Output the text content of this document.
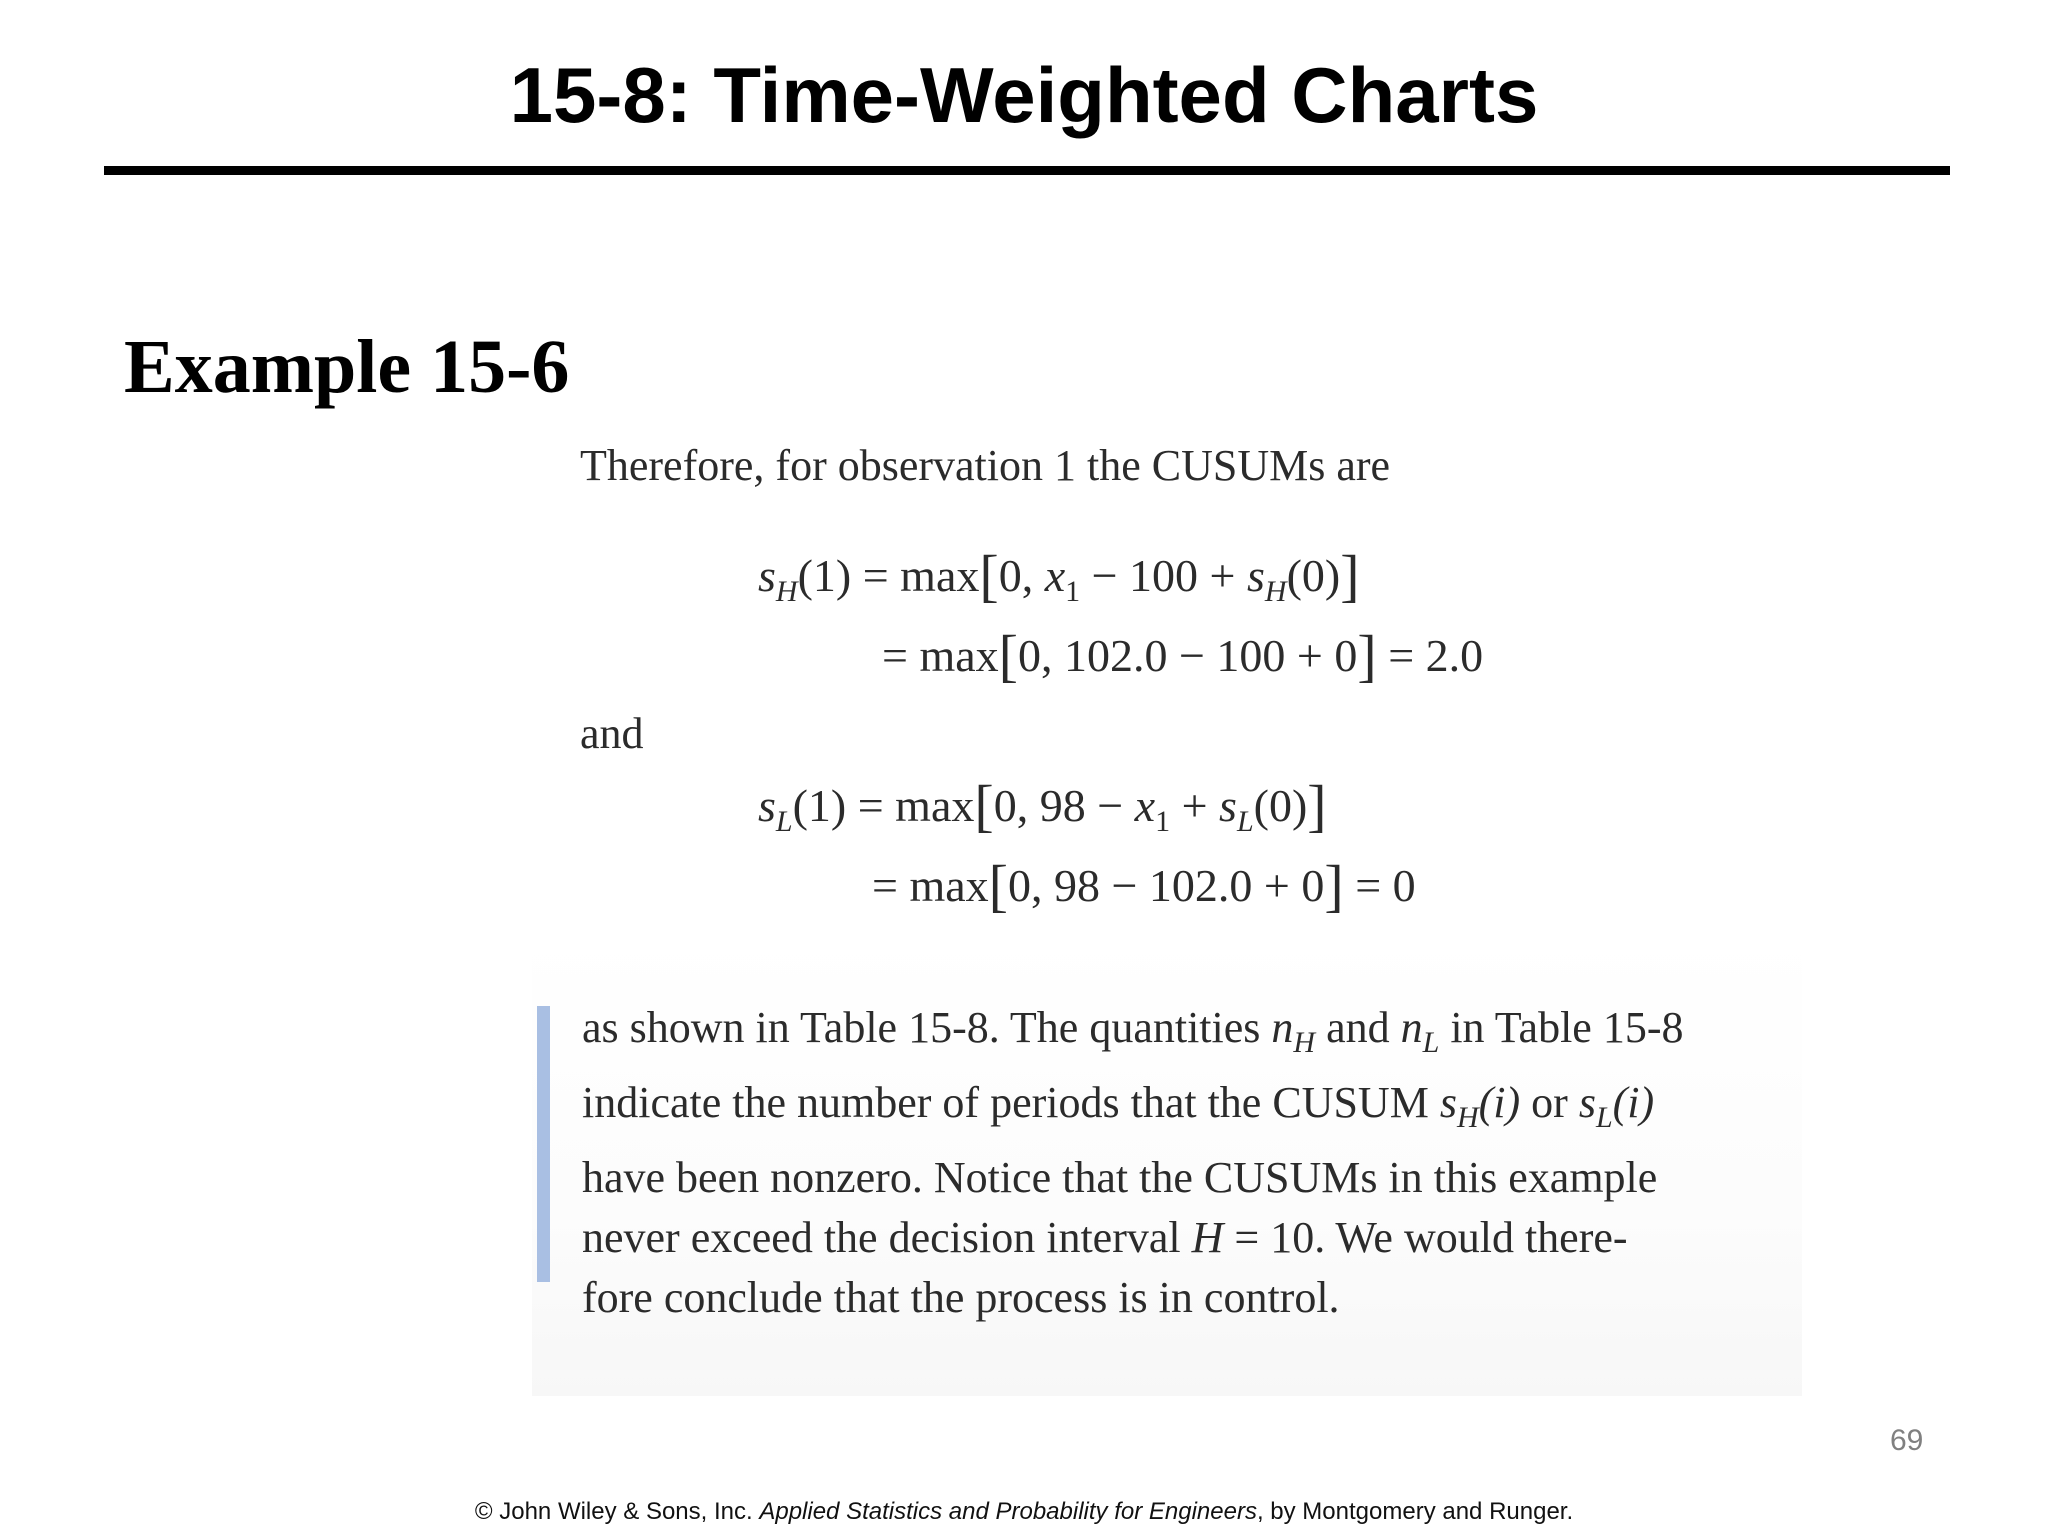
15-8: Time-Weighted Charts
Example 15-6
Therefore, for observation 1 the CUSUMs are
$s_H(1) = \max[0$, $x_1 - 100 + s_H(0)$]
= max[0, 102.0 − 100 + 0] = 2.0
and
$s_L(1) = \max[0$, $98 - x_1 + s_L(0)$]
= max[0, 98 − 102.0 + 0] = 0
as shown in Table 15-8. The quantities $n_H$ and $n_L$ in Table 15-8
indicate the number of periods that the CUSUM $s_H(i)$ or $s_L(i)$
have been nonzero. Notice that the CUSUMs in this example
never exceed the decision interval H = 10. We would there-
fore conclude that the process is in control.
69
© John Wiley & Sons, Inc. Applied Statistics and Probability for Engineers, by Montgomery and Runger.
